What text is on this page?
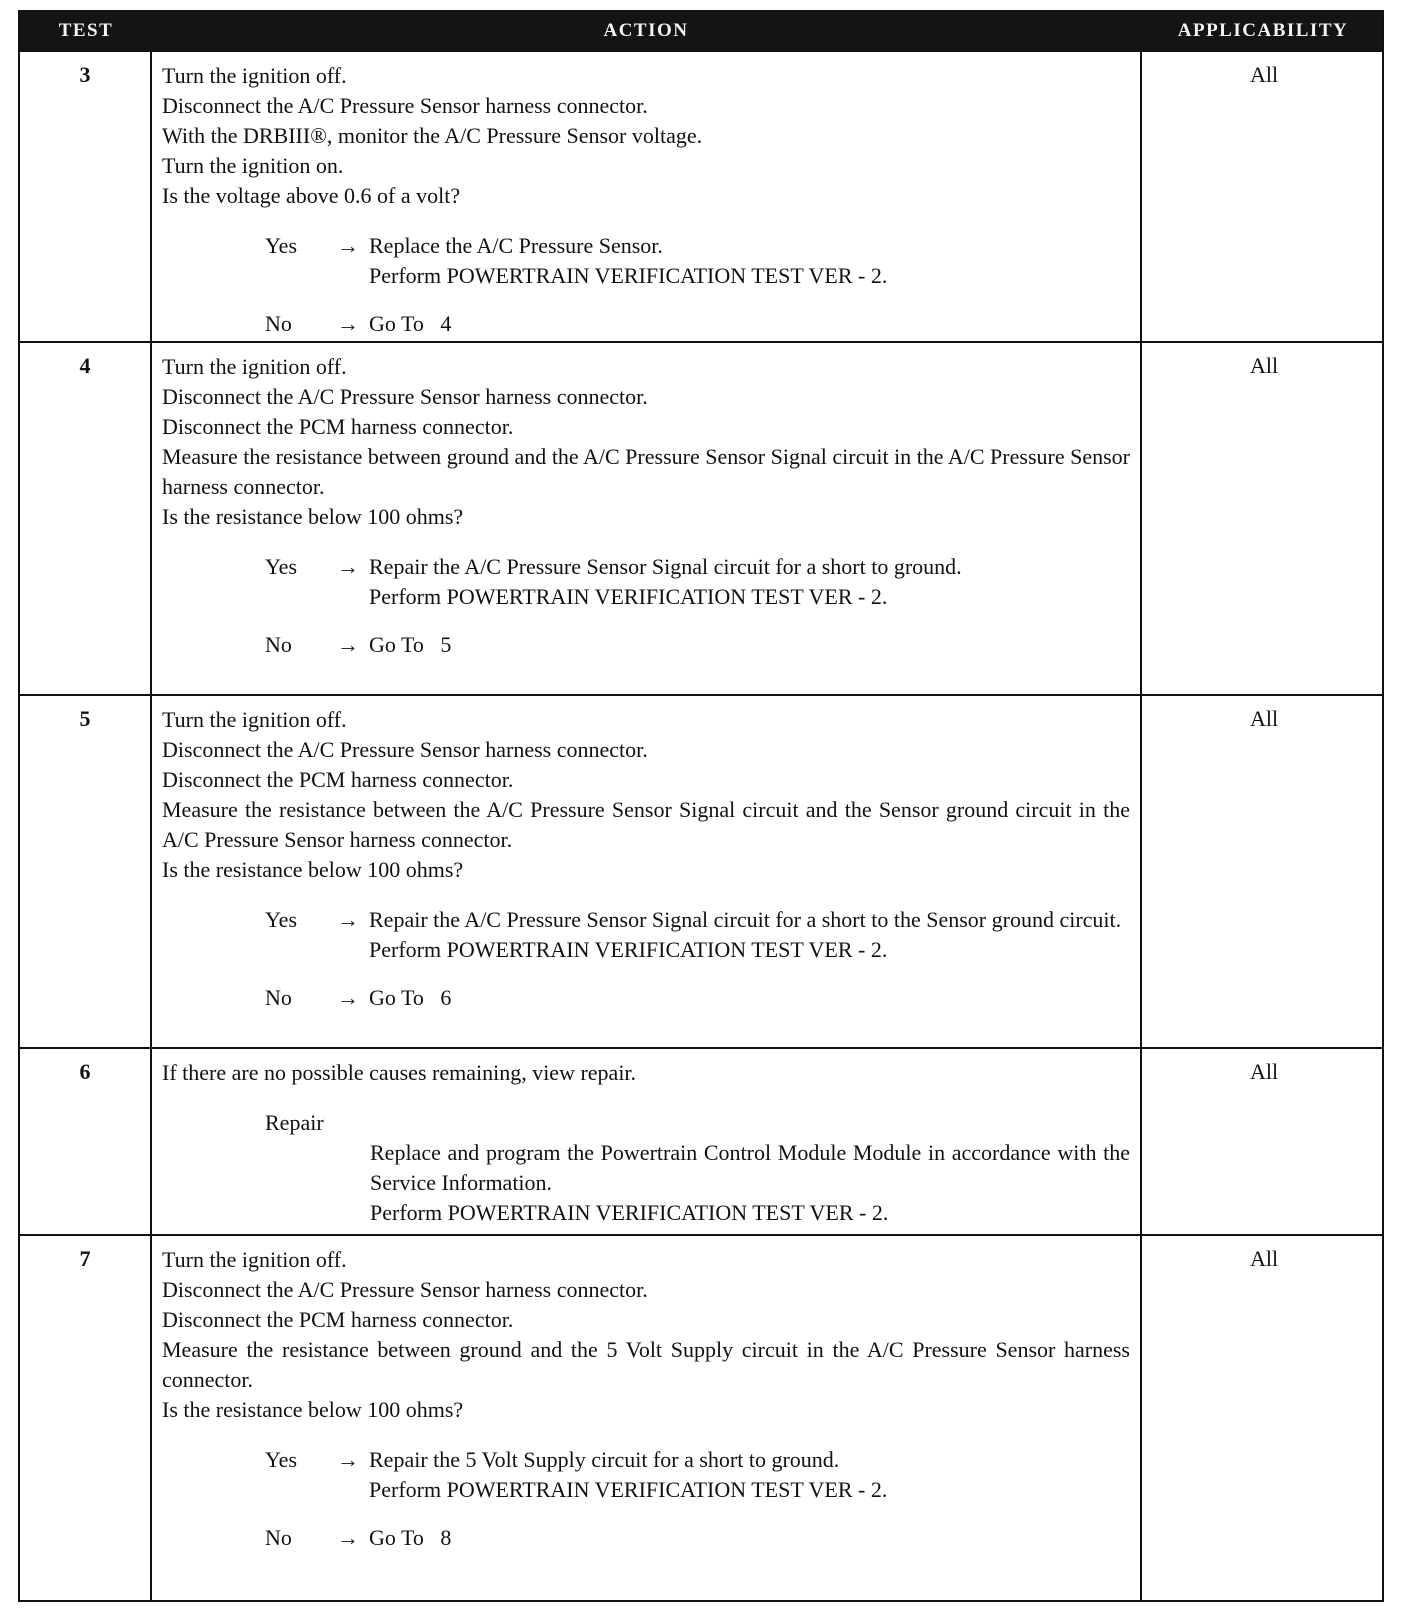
TEST	ACTION	APPLICABILITY
3	Turn the ignition off.
Disconnect the A/C Pressure Sensor harness connector.
With the DRBIII®, monitor the A/C Pressure Sensor voltage.
Turn the ignition on.
Is the voltage above 0.6 of a volt?
Yes	→ Replace the A/C Pressure Sensor.
Perform POWERTRAIN VERIFICATION TEST VER - 2.
No	→ Go To   4
All
4	Turn the ignition off.
Disconnect the A/C Pressure Sensor harness connector.
Disconnect the PCM harness connector.
Measure the resistance between ground and the A/C Pressure Sensor Signal circuit in the A/C Pressure Sensor harness connector.
Is the resistance below 100 ohms?
Yes	→ Repair the A/C Pressure Sensor Signal circuit for a short to ground.
Perform POWERTRAIN VERIFICATION TEST VER - 2.
No	→ Go To   5
All
5	Turn the ignition off.
Disconnect the A/C Pressure Sensor harness connector.
Disconnect the PCM harness connector.
Measure the resistance between the A/C Pressure Sensor Signal circuit and the Sensor ground circuit in the A/C Pressure Sensor harness connector.
Is the resistance below 100 ohms?
Yes	→ Repair the A/C Pressure Sensor Signal circuit for a short to the Sensor ground circuit.
Perform POWERTRAIN VERIFICATION TEST VER - 2.
No	→ Go To   6
All
6	If there are no possible causes remaining, view repair.
Repair
Replace and program the Powertrain Control Module Module in accordance with the Service Information.
Perform POWERTRAIN VERIFICATION TEST VER - 2.
All
7	Turn the ignition off.
Disconnect the A/C Pressure Sensor harness connector.
Disconnect the PCM harness connector.
Measure the resistance between ground and the 5 Volt Supply circuit in the A/C Pressure Sensor harness connector.
Is the resistance below 100 ohms?
Yes	→ Repair the 5 Volt Supply circuit for a short to ground.
Perform POWERTRAIN VERIFICATION TEST VER - 2.
No	→ Go To   8
All
